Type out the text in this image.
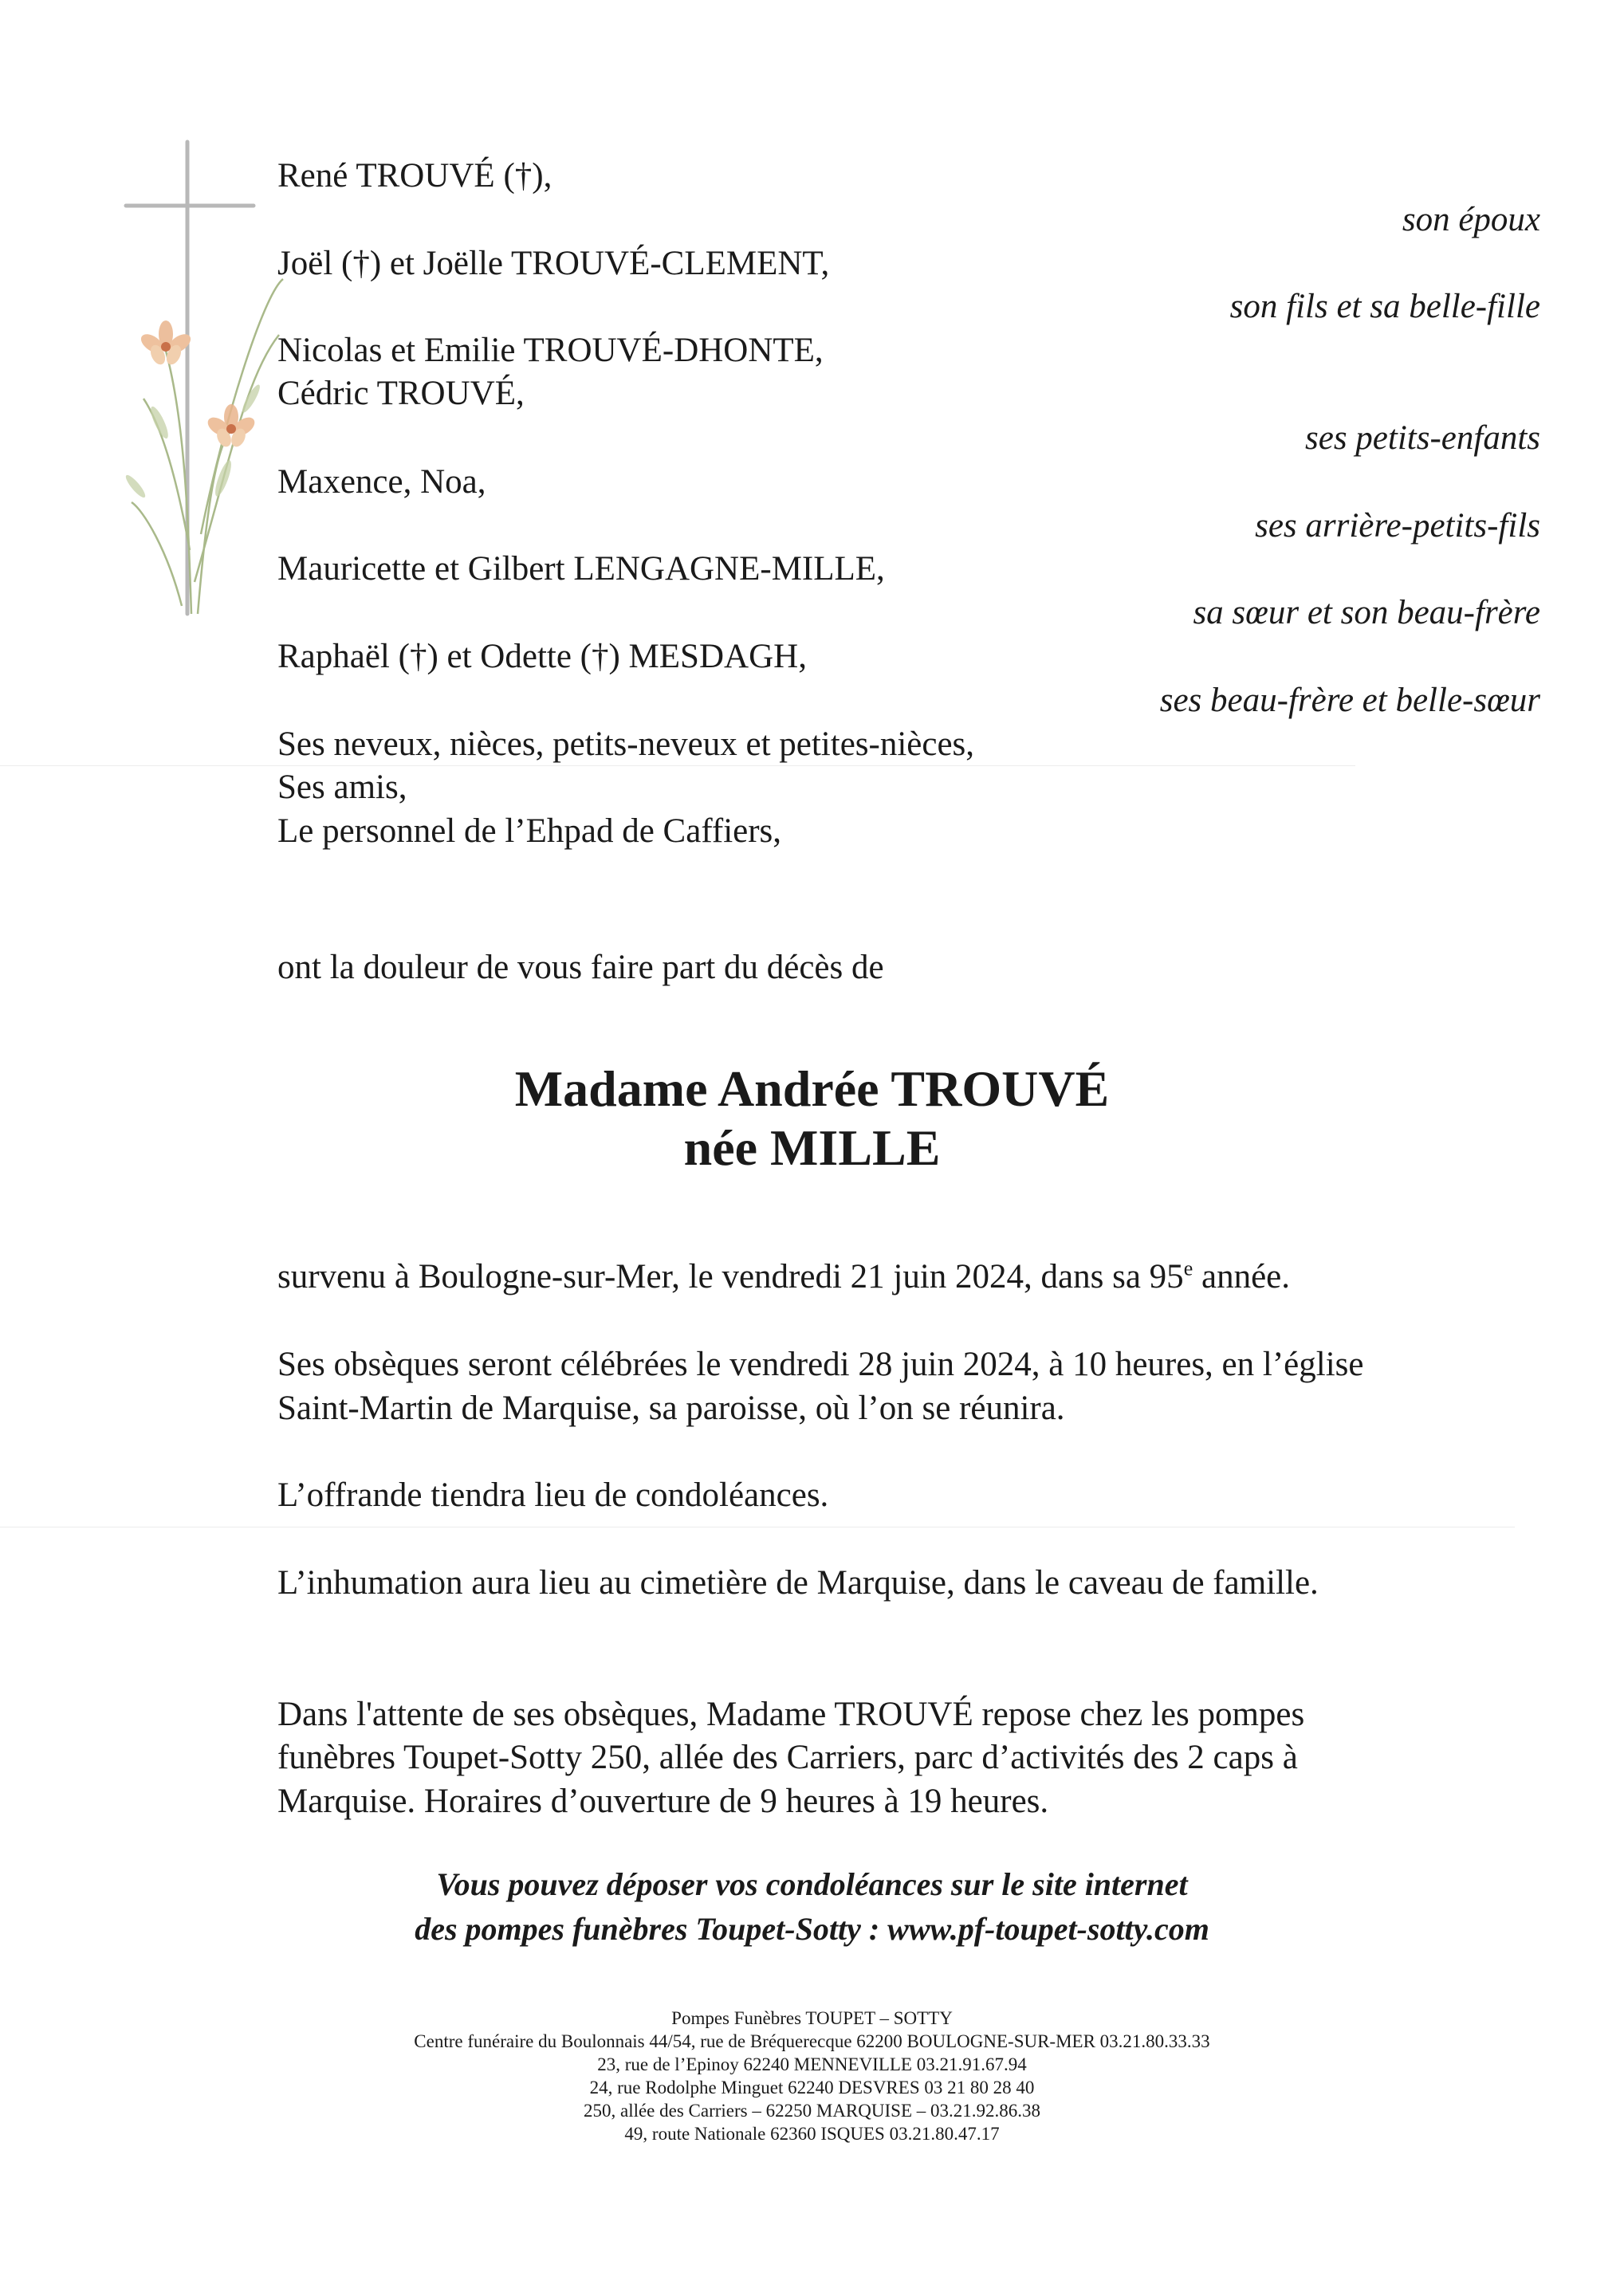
René TROUVÉ (†),
Joël (†) et Joëlle TROUVÉ-CLEMENT,
Nicolas et Emilie TROUVÉ-DHONTE,
Cédric TROUVÉ,
Maxence, Noa,
Mauricette et Gilbert LENGAGNE-MILLE,
Raphaël (†) et Odette (†) MESDAGH,
Ses neveux, nièces, petits-neveux et petites-nièces,
Ses amis,
Le personnel de l’Ehpad de Caffiers,
son époux
son fils et sa belle-fille
ses petits-enfants
ses arrière-petits-fils
sa sœur et son beau-frère
ses beau-frère et belle-sœur
ont la douleur de vous faire part du décès de
Madame Andrée TROUVÉ
née MILLE
survenu à Boulogne-sur-Mer, le vendredi 21 juin 2024, dans sa 95e année.
Ses obsèques seront célébrées le vendredi 28 juin 2024, à 10 heures, en l’église
Saint-Martin de Marquise, sa paroisse, où l’on se réunira.
L’offrande tiendra lieu de condoléances.
L’inhumation aura lieu au cimetière de Marquise, dans le caveau de famille.
Dans l'attente de ses obsèques, Madame TROUVÉ repose chez les pompes
funèbres Toupet-Sotty 250, allée des Carriers, parc d’activités des 2 caps à
Marquise. Horaires d’ouverture de 9 heures à 19 heures.
Vous pouvez déposer vos condoléances sur le site internet
des pompes funèbres Toupet-Sotty : www.pf-toupet-sotty.com
Pompes Funèbres TOUPET – SOTTY
Centre funéraire du Boulonnais 44/54, rue de Bréquerecque 62200 BOULOGNE-SUR-MER 03.21.80.33.33
23, rue de l’Epinoy 62240 MENNEVILLE 03.21.91.67.94
24, rue Rodolphe Minguet 62240 DESVRES 03 21 80 28 40
250, allée des Carriers – 62250 MARQUISE – 03.21.92.86.38
49, route Nationale 62360 ISQUES 03.21.80.47.17
